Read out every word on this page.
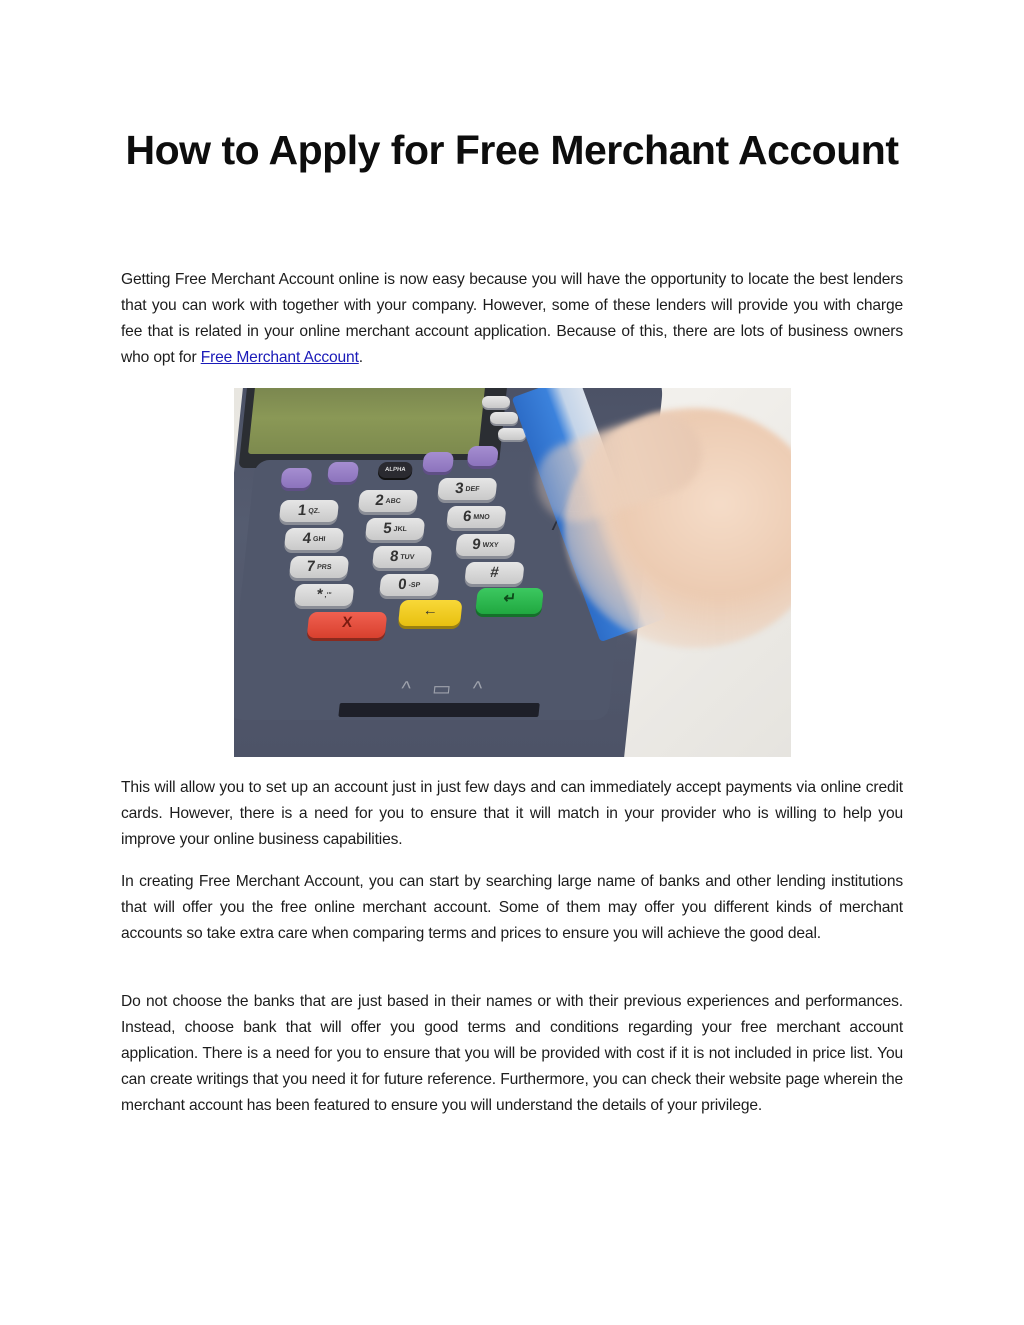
How to Apply for Free Merchant Account

Getting Free Merchant Account online is now easy because you will have the opportunity to locate the best lenders that you can work with together with your company. However, some of these lenders will provide you with charge fee that is related in your online merchant account application. Because of this, there are lots of business owners who opt for Free Merchant Account.

ALPHA
1QZ.
2ABC
3DEF
4GHI
5JKL
6MNO
7PRS
8TUV
9WXY
*,'"
0-SP
#
X
←
↵
^ ▭ ^

This will allow you to set up an account just in just few days and can immediately accept payments via online credit cards. However, there is a need for you to ensure that it will match in your provider who is willing to help you improve your online business capabilities.

In creating Free Merchant Account, you can start by searching large name of banks and other lending institutions that will offer you the free online merchant account. Some of them may offer you different kinds of merchant accounts so take extra care when comparing terms and prices to ensure you will achieve the good deal.

Do not choose the banks that are just based in their names or with their previous experiences and performances. Instead, choose bank that will offer you good terms and conditions regarding your free merchant account application. There is a need for you to ensure that you will be provided with cost if it is not included in price list. You can create writings that you need it for future reference. Furthermore, you can check their website page wherein the merchant account has been featured to ensure you will understand the details of your privilege.
